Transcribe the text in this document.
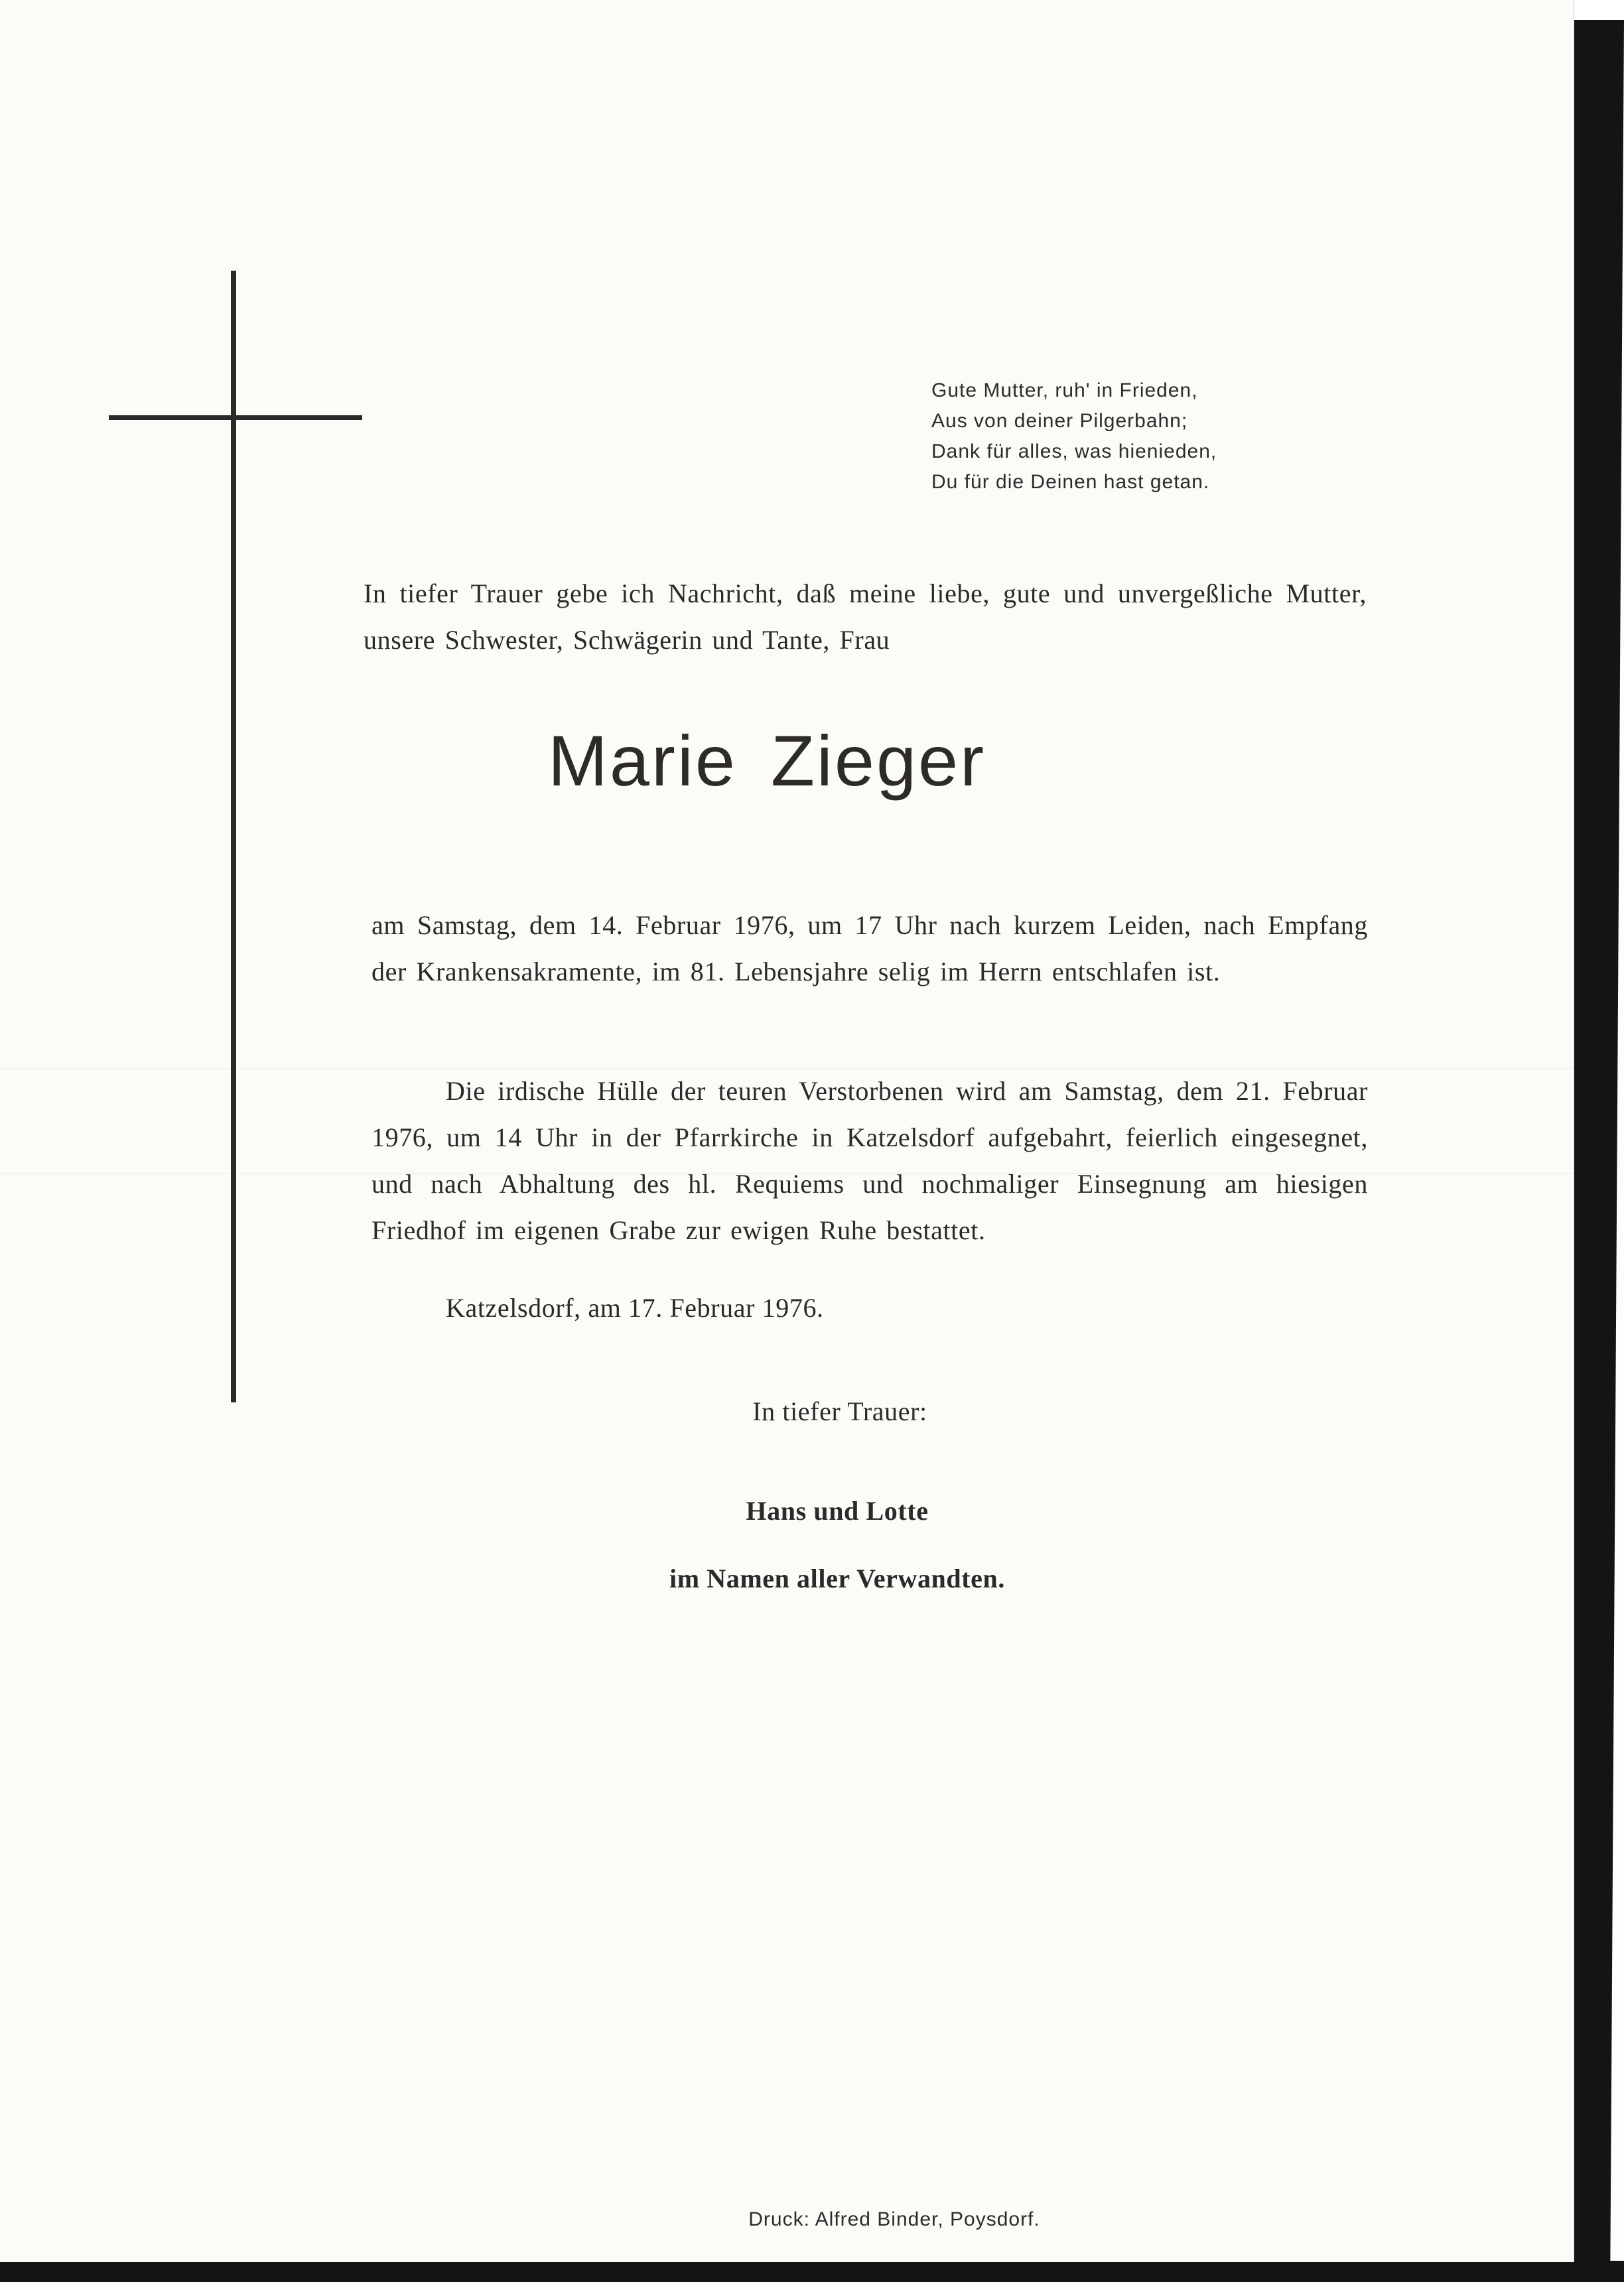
Gute Mutter, ruh' in Frieden,
Aus von deiner Pilgerbahn;
Dank für alles, was hienieden,
Du für die Deinen hast getan.
In tiefer Trauer gebe ich Nachricht, daß meine liebe, gute und unvergeßliche Mutter, unsere Schwester, Schwägerin und Tante, Frau
Marie Zieger
am Samstag, dem 14. Februar 1976, um 17 Uhr nach kurzem Leiden, nach Empfang der Krankensakramente, im 81. Lebensjahre selig im Herrn entschlafen ist.
Die irdische Hülle der teuren Verstorbenen wird am Samstag, dem 21. Februar 1976, um 14 Uhr in der Pfarrkirche in Katzelsdorf aufgebahrt, feierlich eingesegnet, und nach Abhaltung des hl. Requiems und nochmaliger Einsegnung am hiesigen Friedhof im eigenen Grabe zur ewigen Ruhe bestattet.
Katzelsdorf, am 17. Februar 1976.
In tiefer Trauer:
Hans und Lotte
im Namen aller Verwandten.
Druck: Alfred Binder, Poysdorf.
